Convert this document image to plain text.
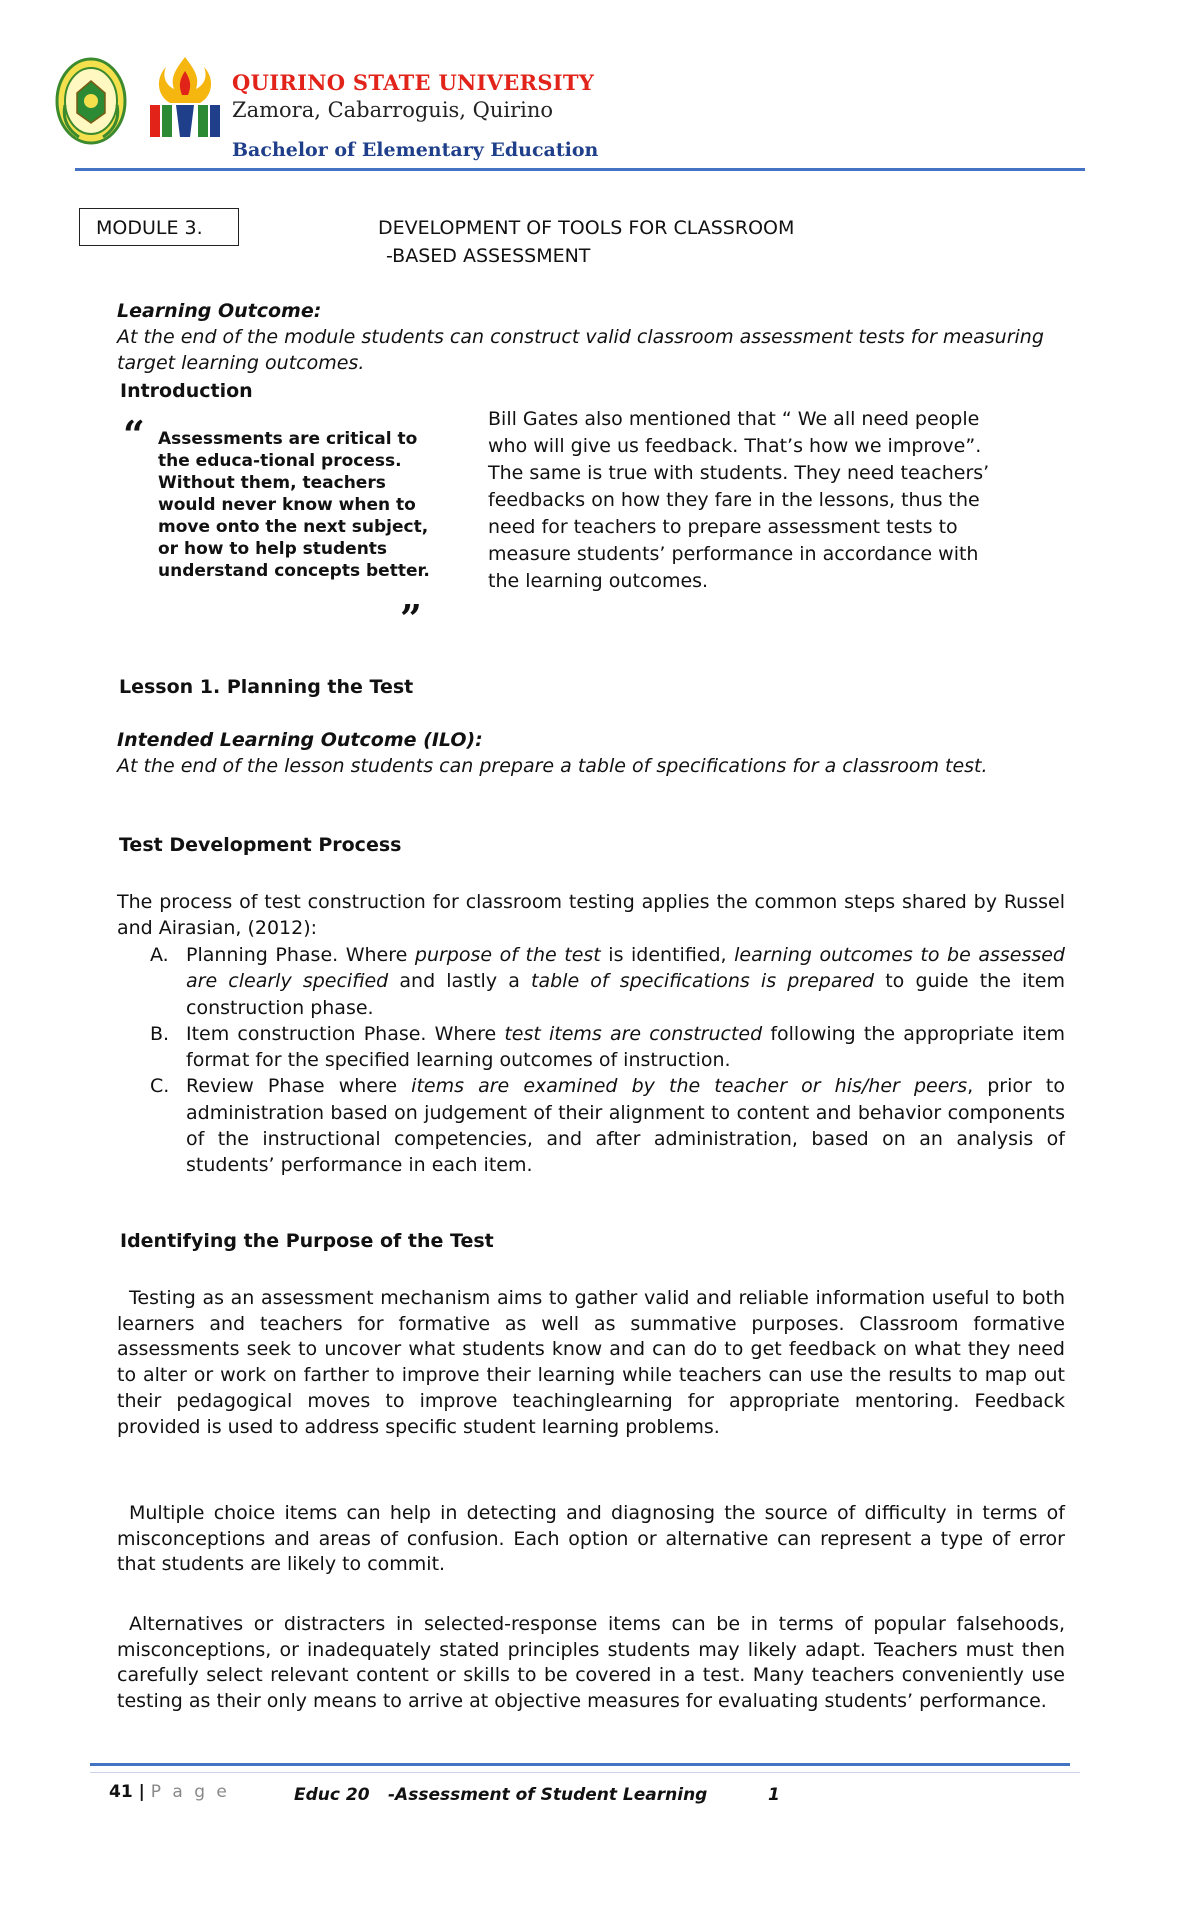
QUIRINO STATE UNIVERSITY
Zamora, Cabarroguis, Quirino
Bachelor of Elementary Education
MODULE 3.	DEVELOPMENT OF TOOLS FOR CLASSROOM
-BASED ASSESSMENT
Learning Outcome:
At the end of the module students can construct valid classroom assessment tests for measuring target learning outcomes.
Introduction
“ Assessments are critical to the educa-tional process. Without them, teachers would never know when to move onto the next subject, or how to help students understand concepts better.
”
Bill Gates also mentioned that “ We all need people who will give us feedback. That’s how we improve”. The same is true with students. They need teachers’ feedbacks on how they fare in the lessons, thus the need for teachers to prepare assessment tests to measure students’ performance in accordance with the learning outcomes.
Lesson 1. Planning the Test
Intended Learning Outcome (ILO):
At the end of the lesson students can prepare a table of specifications for a classroom test.
Test Development Process
The process of test construction for classroom testing applies the common steps shared by Russel and Airasian, (2012):
A. Planning Phase. Where purpose of the test is identified, learning outcomes to be assessed are clearly specified and lastly a table of specifications is prepared to guide the item construction phase.
B. Item construction Phase. Where test items are constructed following the appropriate item format for the specified learning outcomes of instruction.
C. Review Phase where items are examined by the teacher or his/her peers, prior to administration based on judgement of their alignment to content and behavior components of the instructional competencies, and after administration, based on an analysis of students’ performance in each item.
Identifying the Purpose of the Test
Testing as an assessment mechanism aims to gather valid and reliable information useful to both learners and teachers for formative as well as summative purposes. Classroom formative assessments seek to uncover what students know and can do to get feedback on what they need to alter or work on farther to improve their learning while teachers can use the results to map out their pedagogical moves to improve teachinglearning for appropriate mentoring. Feedback provided is used to address specific student learning problems.
Multiple choice items can help in detecting and diagnosing the source of difficulty in terms of misconceptions and areas of confusion. Each option or alternative can represent a type of error that students are likely to commit.
Alternatives or distracters in selected-response items can be in terms of popular falsehoods, misconceptions, or inadequately stated principles students may likely adapt. Teachers must then carefully select relevant content or skills to be covered in a test. Many teachers conveniently use testing as their only means to arrive at objective measures for evaluating students’ performance.
41 | P a g e	Educ 20 -Assessment of Student Learning	1
